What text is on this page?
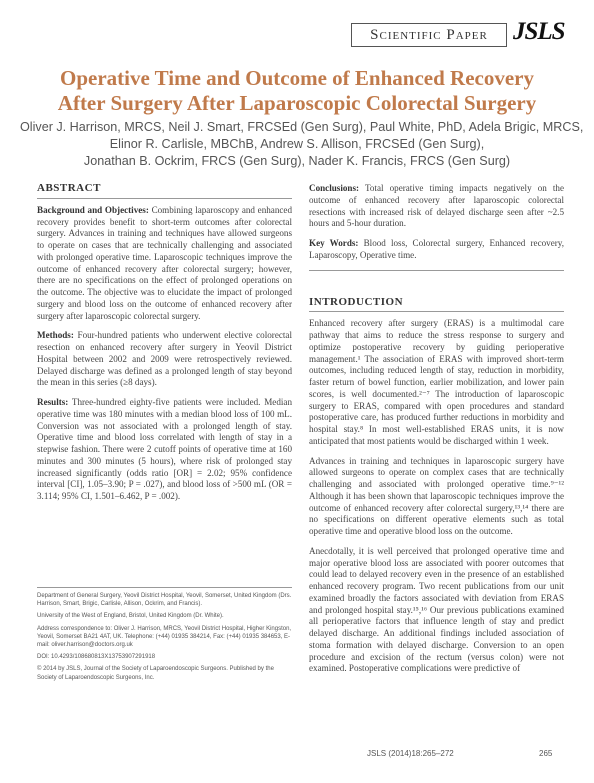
Scientific Paper	JSLS
Operative Time and Outcome of Enhanced Recovery
After Surgery After Laparoscopic Colorectal Surgery
Oliver J. Harrison, MRCS, Neil J. Smart, FRCSEd (Gen Surg), Paul White, PhD, Adela Brigic, MRCS,
Elinor R. Carlisle, MBChB, Andrew S. Allison, FRCSEd (Gen Surg),
Jonathan B. Ockrim, FRCS (Gen Surg), Nader K. Francis, FRCS (Gen Surg)
ABSTRACT

Background and Objectives: Combining laparoscopy and enhanced recovery provides benefit to short-term outcomes after colorectal surgery. Advances in training and techniques have allowed surgeons to operate on cases that are technically challenging and associated with prolonged operative time. Laparoscopic techniques improve the outcome of enhanced recovery after colorectal surgery; however, there are no specifications on the effect of prolonged operations on the outcome. The objective was to elucidate the impact of prolonged surgery and blood loss on the outcome of enhanced recovery after surgery after laparoscopic colorectal surgery.

Methods: Four-hundred patients who underwent elective colorectal resection on enhanced recovery after surgery in Yeovil District Hospital between 2002 and 2009 were retrospectively reviewed. Delayed discharge was defined as a prolonged length of stay beyond the mean in this series (≥8 days).

Results: Three-hundred eighty-five patients were included. Median operative time was 180 minutes with a median blood loss of 100 mL. Conversion was not associated with a prolonged length of stay. Operative time and blood loss correlated with length of stay in a stepwise fashion. There were 2 cutoff points of operative time at 160 minutes and 300 minutes (5 hours), where risk of prolonged stay increased significantly (odds ratio [OR] = 2.02; 95% confidence interval [CI], 1.05–3.90; P = .027), and blood loss of >500 mL (OR = 3.114; 95% CI, 1.501–6.462, P = .002).

Department of General Surgery, Yeovil District Hospital, Yeovil, Somerset, United Kingdom (Drs. Harrison, Smart, Brigic, Carlisle, Allison, Ockrim, and Francis).

University of the West of England, Bristol, United Kingdom (Dr. White).

Address correspondence to: Oliver J. Harrison, MRCS, Yeovil District Hospital, Higher Kingston, Yeovil, Somerset BA21 4AT, UK. Telephone: (+44) 01935 384214, Fax: (+44) 01935 384653, E-mail: oliver.harrison@doctors.org.uk

DOI: 10.4293/108680813X13753907291918

© 2014 by JSLS, Journal of the Society of Laparoendoscopic Surgeons. Published by the Society of Laparoendoscopic Surgeons, Inc.

Conclusions: Total operative timing impacts negatively on the outcome of enhanced recovery after laparoscopic colorectal resections with increased risk of delayed discharge seen after ~2.5 hours and 5-hour duration.

Key Words: Blood loss, Colorectal surgery, Enhanced recovery, Laparoscopy, Operative time.

INTRODUCTION

Enhanced recovery after surgery (ERAS) is a multimodal care pathway that aims to reduce the stress response to surgery and optimize postoperative recovery by guiding perioperative management.¹ The association of ERAS with improved short-term outcomes, including reduced length of stay, reduction in morbidity, faster return of bowel function, earlier mobilization, and lower pain scores, is well documented.²⁻⁷ The introduction of laparoscopic surgery to ERAS, compared with open procedures and standard postoperative care, has produced further reductions in morbidity and hospital stay.⁸ In most well-established ERAS units, it is now anticipated that most patients would be discharged within 1 week.

Advances in training and techniques in laparoscopic surgery have allowed surgeons to operate on complex cases that are technically challenging and associated with prolonged operative time.⁹⁻¹² Although it has been shown that laparoscopic techniques improve the outcome of enhanced recovery after colorectal surgery,¹³,¹⁴ there are no specifications on different operative elements such as total operative time and operative blood loss on the outcome.

Anecdotally, it is well perceived that prolonged operative time and major operative blood loss are associated with poorer outcomes that could lead to delayed recovery even in the presence of an established enhanced recovery program. Two recent publications from our unit examined broadly the factors associated with deviation from ERAS and prolonged hospital stay.¹⁵,¹⁶ Our previous publications examined all perioperative factors that influence length of stay and predict delayed discharge. An additional findings included association of stoma formation with delayed discharge. Conversion to an open procedure and excision of the rectum (versus colon) were not examined. Postoperative complications were predictive of

JSLS (2014)18:265–272	265
